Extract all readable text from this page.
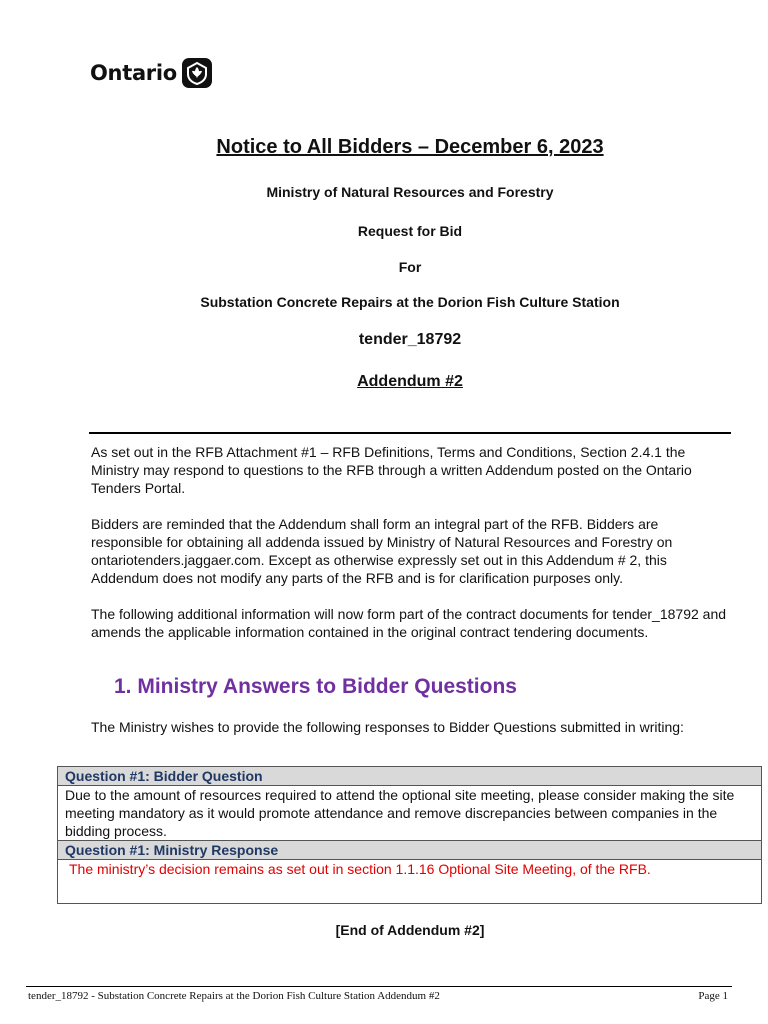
Ontario
Notice to All Bidders – December 6, 2023
Ministry of Natural Resources and Forestry
Request for Bid
For
Substation Concrete Repairs at the Dorion Fish Culture Station
tender_18792
Addendum #2
As set out in the RFB Attachment #1 – RFB Definitions, Terms and Conditions, Section 2.4.1 the Ministry may respond to questions to the RFB through a written Addendum posted on the Ontario Tenders Portal.
Bidders are reminded that the Addendum shall form an integral part of the RFB. Bidders are responsible for obtaining all addenda issued by Ministry of Natural Resources and Forestry on ontariotenders.jaggaer.com. Except as otherwise expressly set out in this Addendum # 2, this Addendum does not modify any parts of the RFB and is for clarification purposes only.
The following additional information will now form part of the contract documents for tender_18792 and amends the applicable information contained in the original contract tendering documents.
1. Ministry Answers to Bidder Questions
The Ministry wishes to provide the following responses to Bidder Questions submitted in writing:
Question #1: Bidder Question
Due to the amount of resources required to attend the optional site meeting, please consider making the site meeting mandatory as it would promote attendance and remove discrepancies between companies in the bidding process.
Question #1: Ministry Response
The ministry’s decision remains as set out in section 1.1.16 Optional Site Meeting, of the RFB.
[End of Addendum #2]
tender_18792 - Substation Concrete Repairs at the Dorion Fish Culture Station Addendum #2	Page 1
